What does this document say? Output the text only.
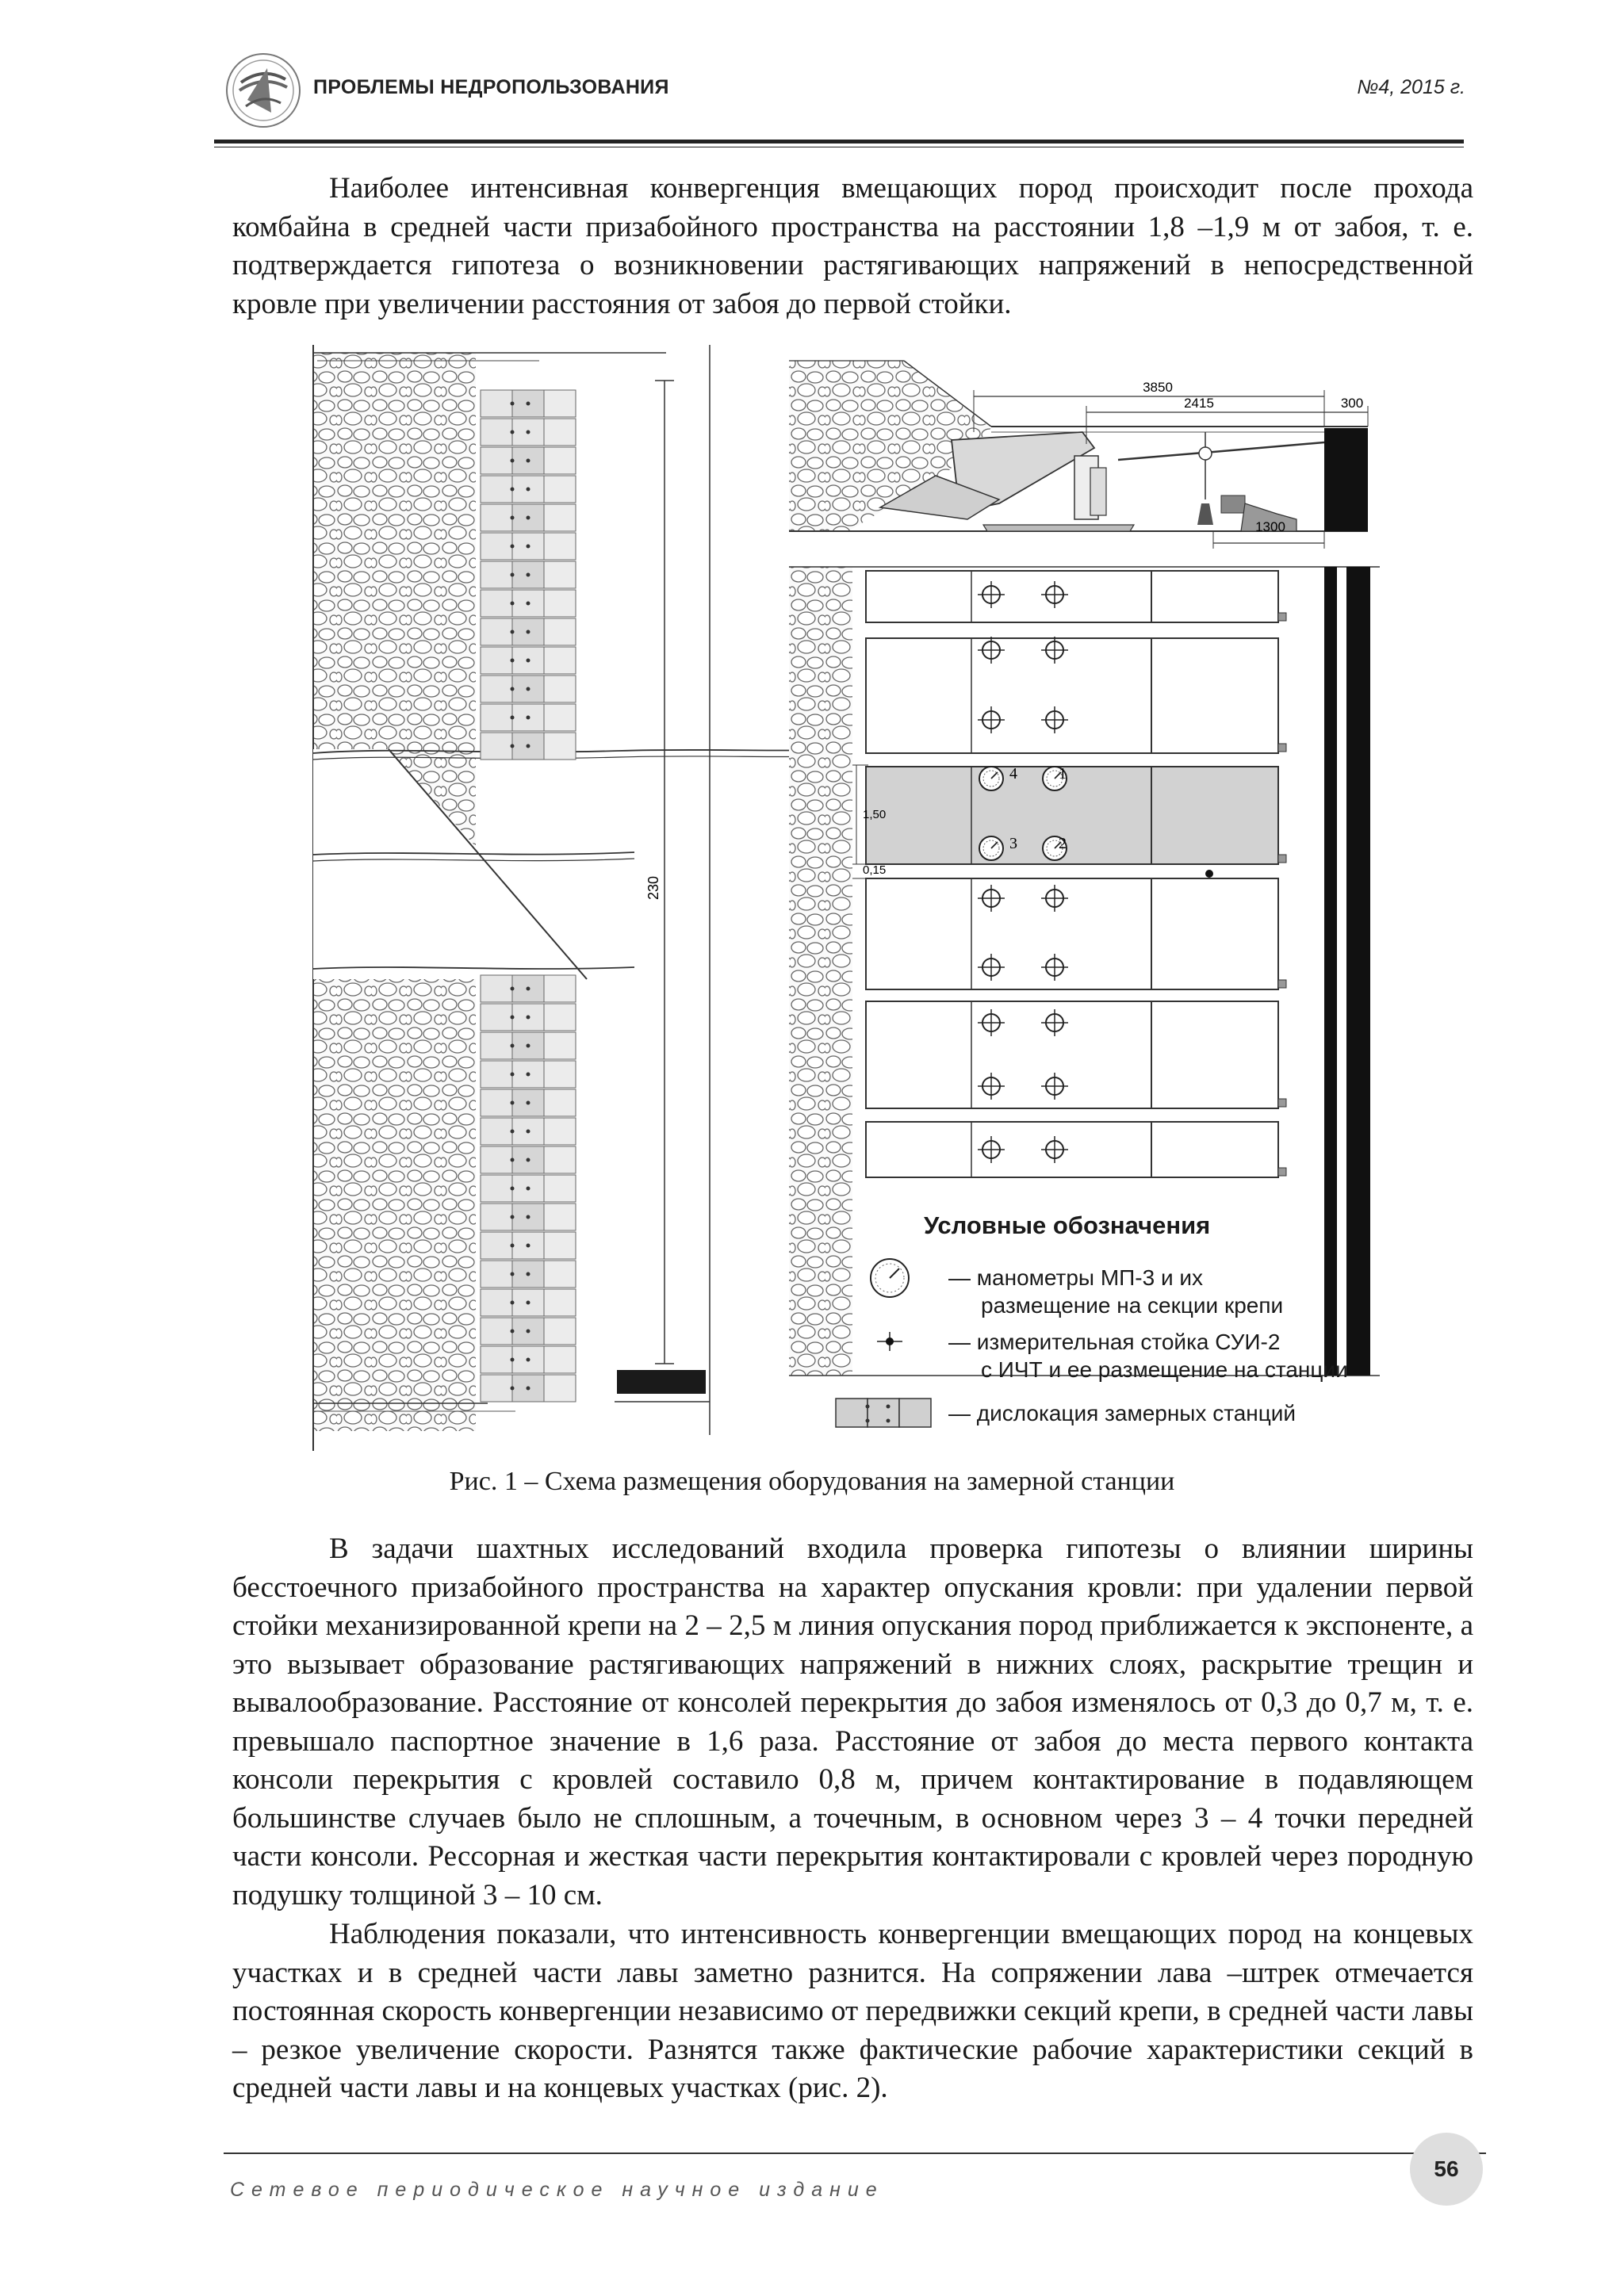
ПРОБЛЕМЫ НЕДРОПОЛЬЗОВАНИЯ	№4, 2015 г.

Наиболее интенсивная конвергенция вмещающих пород происходит после прохода комбайна в средней части призабойного пространства на расстоянии 1,8 –1,9 м от забоя, т. е. подтверждается гипотеза о возникновении растягивающих напряжений в непосредственной кровле при увеличении расстояния от забоя до первой стойки.

230
3850
2415	300
1300
1,50
0,15
4	1
3	2
Условные обозначения
— манометры МП-3 и их
размещение на секции крепи
— измерительная стойка СУИ-2
с ИЧТ и ее размещение на станции
— дислокация замерных станций
Рис. 1 – Схема размещения оборудования на замерной станции

В задачи шахтных исследований входила проверка гипотезы о влиянии ширины бесстоечного призабойного пространства на характер опускания кровли: при удалении первой стойки механизированной крепи на 2 – 2,5 м линия опускания пород приближается к экспоненте, а это вызывает образование растягивающих напряжений в нижних слоях, раскрытие трещин и вывалообразование. Расстояние от консолей перекрытия до забоя изменялось от 0,3 до 0,7 м, т. е. превышало паспортное значение в 1,6 раза. Расстояние от забоя до места первого контакта консоли перекрытия с кровлей составило 0,8 м, причем контактирование в подавляющем большинстве случаев было не сплошным, а точечным, в основном через 3 – 4 точки передней части консоли. Рессорная и жесткая части перекрытия контактировали с кровлей через породную подушку толщиной 3 – 10 см.

Наблюдения показали, что интенсивность конвергенции вмещающих пород на концевых участках и в средней части лавы заметно разнится. На сопряжении лава –штрек отмечается постоянная скорость конвергенции независимо от передвижки секций крепи, в средней части лавы – резкое увеличение скорости. Разнятся также фактические рабочие характеристики секций в средней части лавы и на концевых участках (рис. 2).

Сетевое периодическое научное издание
56
